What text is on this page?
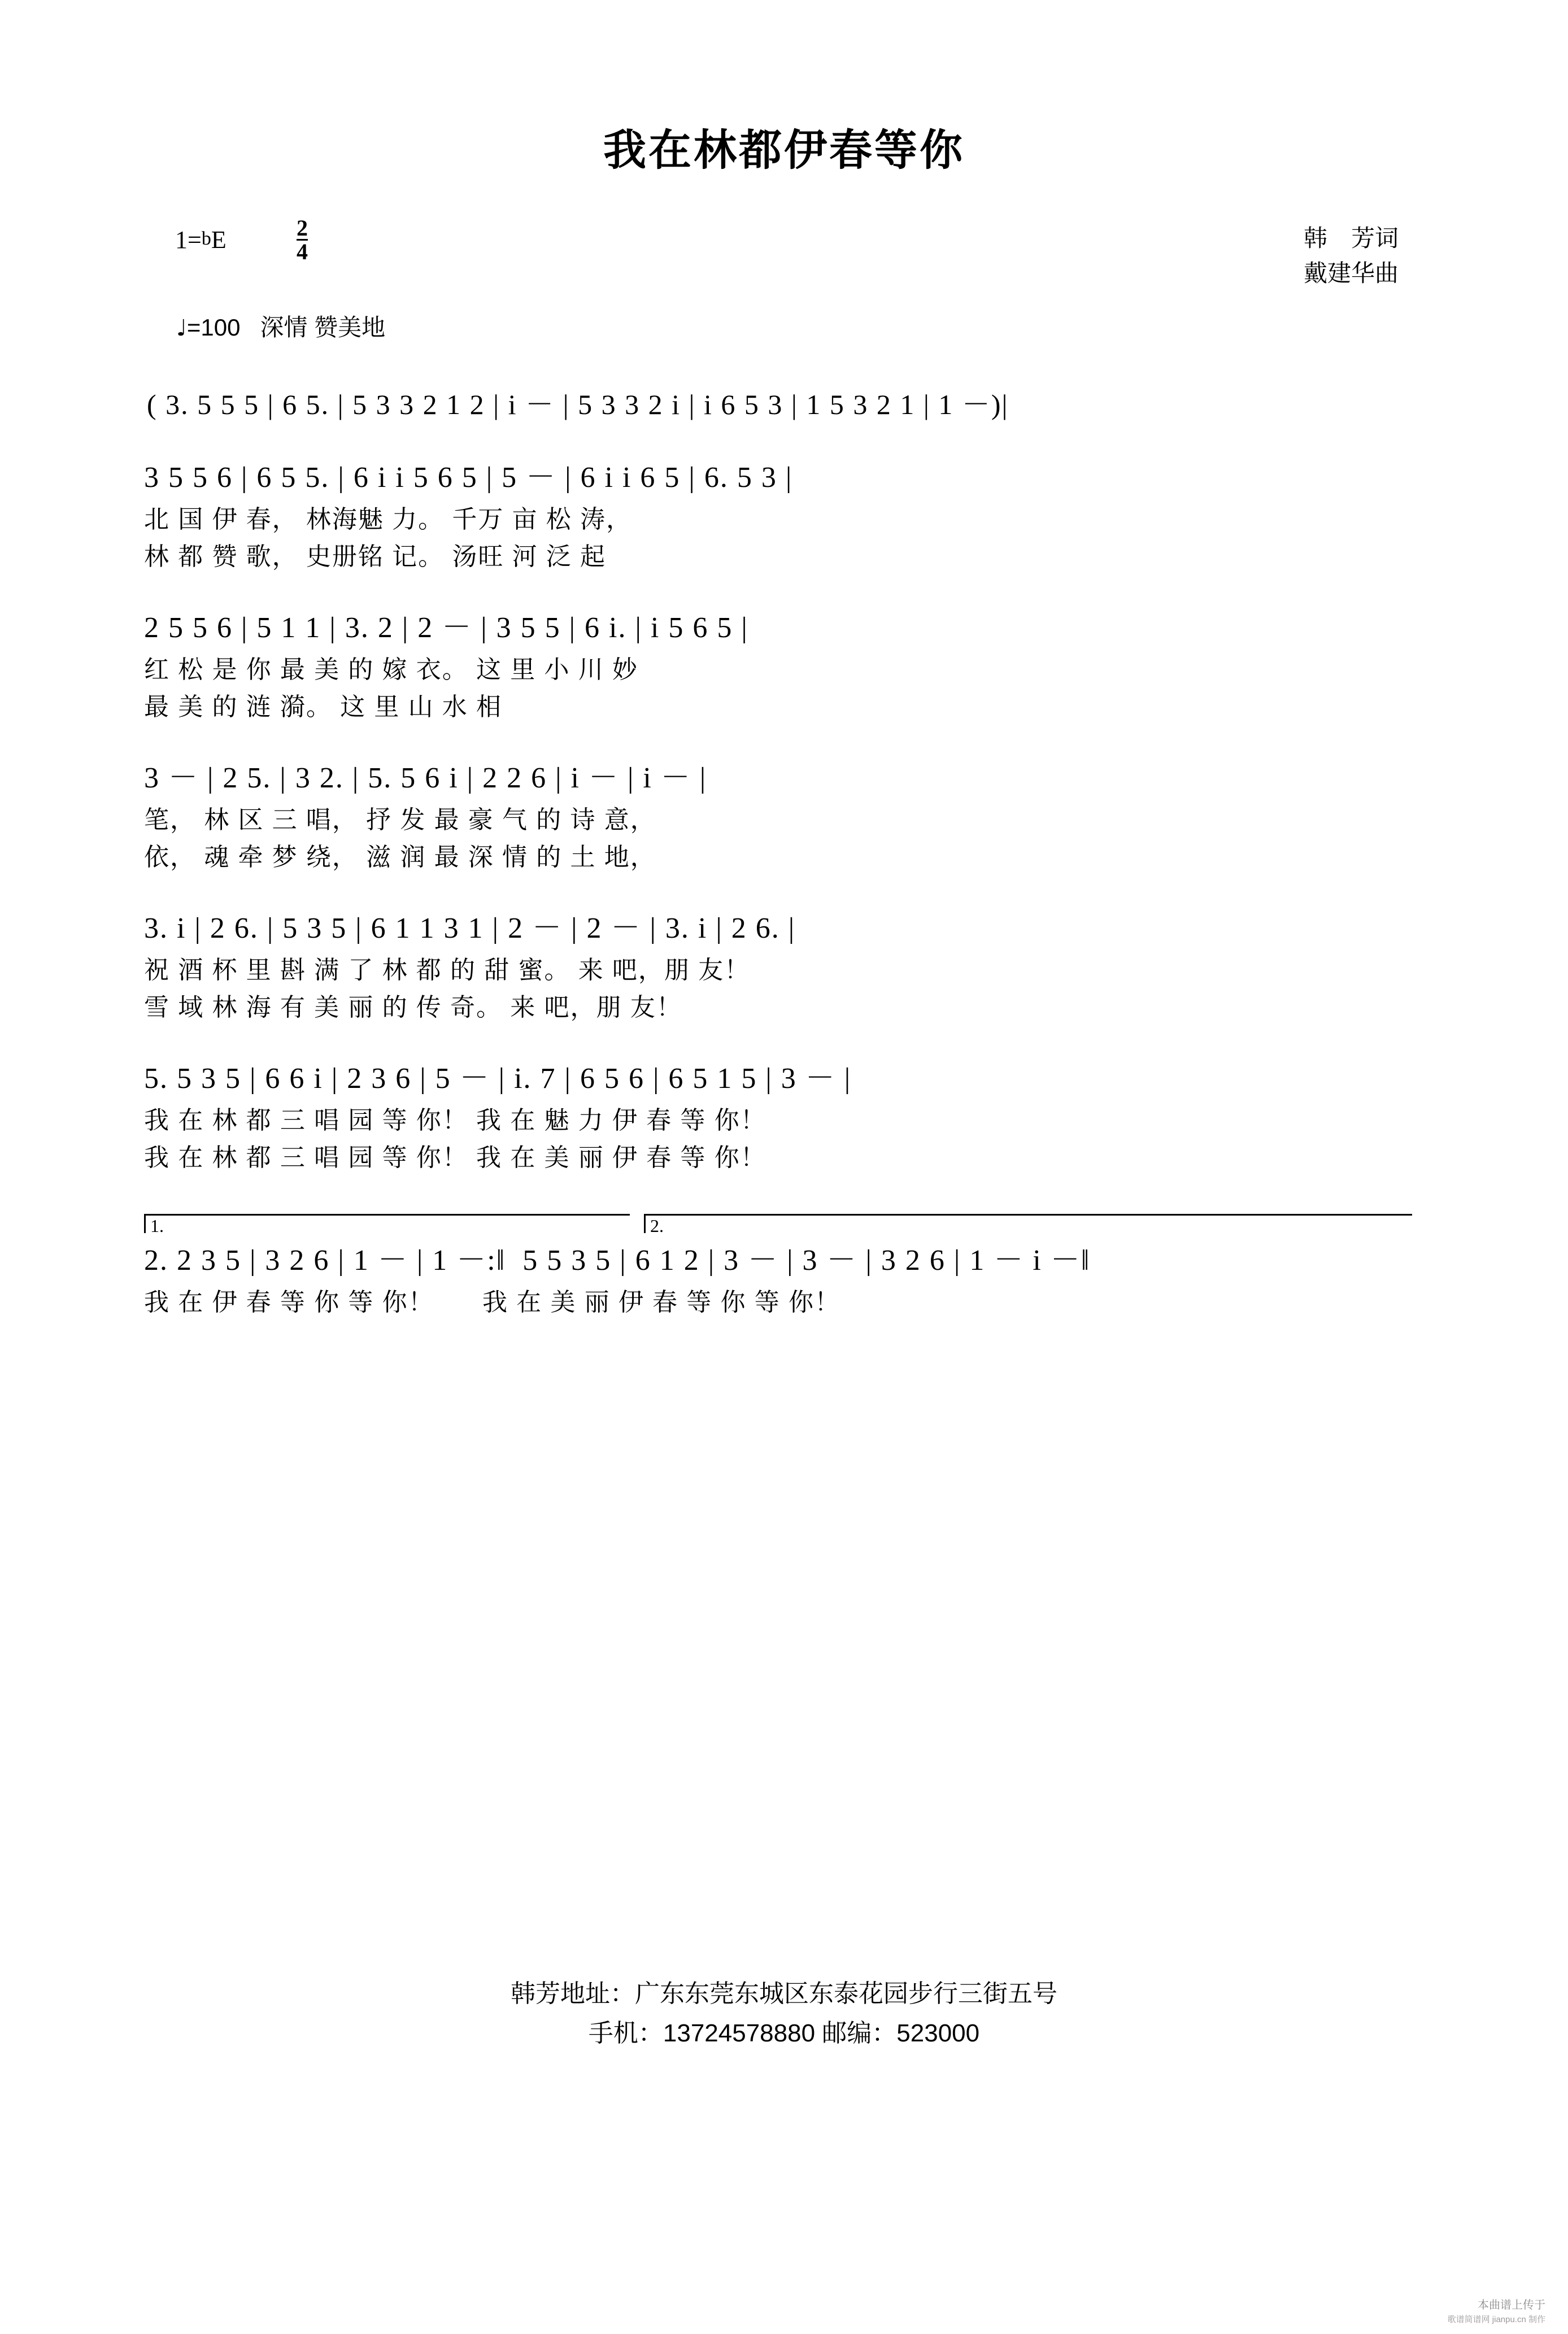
我在林都伊春等你
1=bE	$\frac{2}{4}$	韩　芳词
戴建华曲
♩=100 深情 赞美地
( 3. 5 5 5 | 6 5. | 5 3 3 2 1 2 | i － | 5 3 3 2 i | i 6 5 3 | 1 5 3 2 1 | 1 －)|
3 5 5 6 | 6 5 5. | 6 i i 5 6 5 | 5 － | 6 i i 6 5 | 6. 5 3 |
北 国 伊 春， 林海魅 力。 千万 亩 松 涛，
林 都 赞 歌， 史册铭 记。 汤旺 河 泛 起
2 5 5 6 | 5 1 1 | 3. 2 | 2 － | 3 5 5 | 6 i. | i 5 6 5 |
红 松 是 你 最 美 的 嫁 衣。 这 里 小 川 妙
最 美 的 涟 漪。 这 里 山 水 相
3 － | 2 5. | 3 2. | 5. 5 6 i | 2 2 6 | i － | i － |
笔， 林 区 三 唱， 抒 发 最 豪 气 的 诗 意，
依， 魂 牵 梦 绕， 滋 润 最 深 情 的 土 地，
3. i | 2 6. | 5 3 5 | 6 1 1 3 1 | 2 － | 2 － | 3. i | 2 6. |
祝 酒 杯 里 斟 满 了 林 都 的 甜 蜜。 来 吧，朋 友！
雪 域 林 海 有 美 丽 的 传 奇。 来 吧，朋 友！
5. 5 3 5 | 6 6 i | 2 3 6 | 5 － | i. 7 | 6 5 6 | 6 5 1 5 | 3 － |
我 在 林 都 三 唱 园 等 你！ 我 在 魅 力 伊 春 等 你！
我 在 林 都 三 唱 园 等 你！ 我 在 美 丽 伊 春 等 你！
1.	2.
2. 2 3 5 | 3 2 6 | 1 － | 1 －:‖ 5 5 3 5 | 6 1 2 | 3 － | 3 － | 3 2 6 | 1 － i －‖
我 在 伊 春 等 你 等 你！ 我 在 美 丽 伊 春 等 你 等 你！
韩芳地址：广东东莞东城区东泰花园步行三街五号
手机：13724578880 邮编：523000
本曲谱上传于
歌谱简谱网 jianpu.cn 制作
